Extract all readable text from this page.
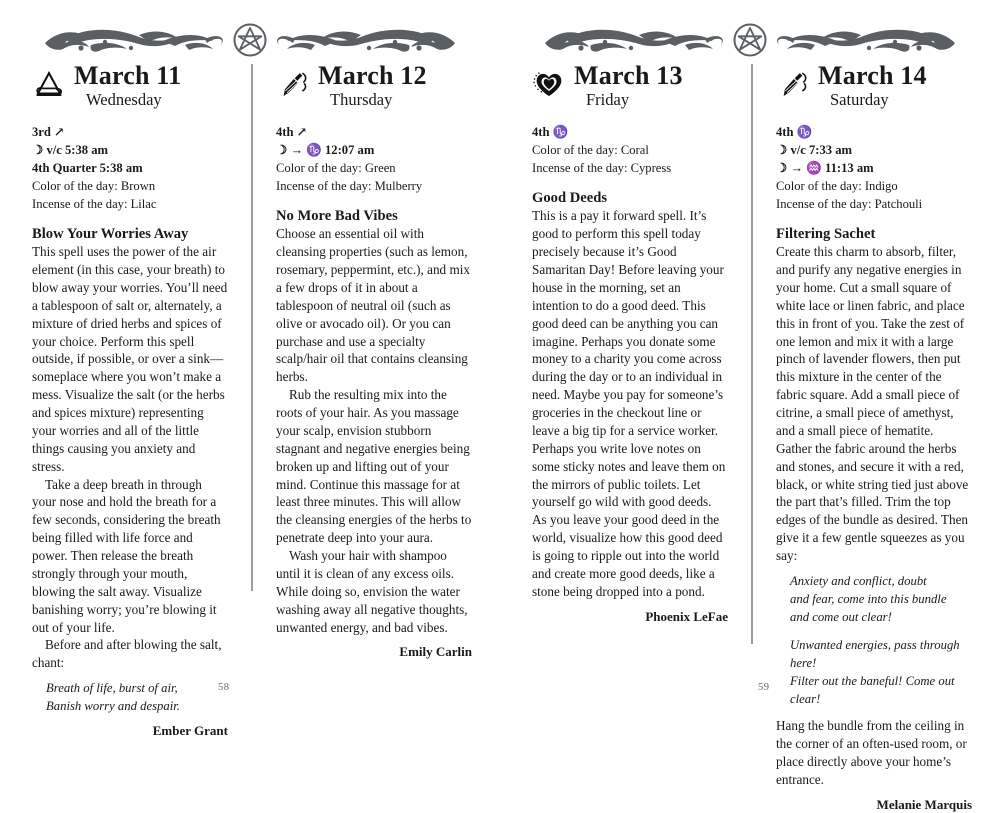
March 11
Wednesday
3rd ↗
☽ v/c 5:38 am
4th Quarter 5:38 am
Color of the day: Brown
Incense of the day: Lilac
Blow Your Worries Away

This spell uses the power of the air element (in this case, your breath) to blow away your worries. You’ll need a tablespoon of salt or, alternately, a mixture of dried herbs and spices of your choice. Perform this spell outside, if possible, or over a sink—someplace where you won’t make a mess. Visualize the salt (or the herbs and spices mixture) representing your worries and all of the little things causing you anxiety and stress.

Take a deep breath in through your nose and hold the breath for a few seconds, considering the breath being filled with life force and power. Then release the breath strongly through your mouth, blowing the salt away. Visualize banishing worry; you’re blowing it out of your life.

Before and after blowing the salt, chant:

Breath of life, burst of air,
Banish worry and despair.
Ember Grant
March 12
Thursday
4th ↗
☽ → ♑ 12:07 am
Color of the day: Green
Incense of the day: Mulberry
No More Bad Vibes

Choose an essential oil with cleansing properties (such as lemon, rosemary, peppermint, etc.), and mix a few drops of it in about a tablespoon of neutral oil (such as olive or avocado oil). Or you can purchase and use a specialty scalp/hair oil that contains cleansing herbs.

Rub the resulting mix into the roots of your hair. As you massage your scalp, envision stubborn stagnant and negative energies being broken up and lifting out of your mind. Continue this massage for at least three minutes. This will allow the cleansing energies of the herbs to penetrate deep into your aura.

Wash your hair with shampoo until it is clean of any excess oils. While doing so, envision the water washing away all negative thoughts, unwanted energy, and bad vibes.

Emily Carlin
58
March 13
Friday
4th ♑
Color of the day: Coral
Incense of the day: Cypress
Good Deeds

This is a pay it forward spell. It’s good to perform this spell today precisely because it’s Good Samaritan Day! Before leaving your house in the morning, set an intention to do a good deed. This good deed can be anything you can imagine. Perhaps you donate some money to a charity you come across during the day or to an individual in need. Maybe you pay for someone’s groceries in the checkout line or leave a big tip for a service worker. Perhaps you write love notes on some sticky notes and leave them on the mirrors of public toilets. Let yourself go wild with good deeds. As you leave your good deed in the world, visualize how this good deed is going to ripple out into the world and create more good deeds, like a stone being dropped into a pond.

Phoenix LeFae
March 14
Saturday
4th ♑
☽ v/c 7:33 am
☽ → ♒ 11:13 am
Color of the day: Indigo
Incense of the day: Patchouli
Filtering Sachet

Create this charm to absorb, filter, and purify any negative energies in your home. Cut a small square of white lace or linen fabric, and place this in front of you. Take the zest of one lemon and mix it with a large pinch of lavender flowers, then put this mixture in the center of the fabric square. Add a small piece of citrine, a small piece of amethyst, and a small piece of hematite. Gather the fabric around the herbs and stones, and secure it with a red, black, or white string tied just above the part that’s filled. Trim the top edges of the bundle as desired. Then give it a few gentle squeezes as you say:

Anxiety and conflict, doubt
and fear, come into this bundle
and come out clear!
Unwanted energies, pass through here!
Filter out the baneful! Come out clear!

Hang the bundle from the ceiling in the corner of an often-used room, or place directly above your home’s entrance.

Melanie Marquis
59
